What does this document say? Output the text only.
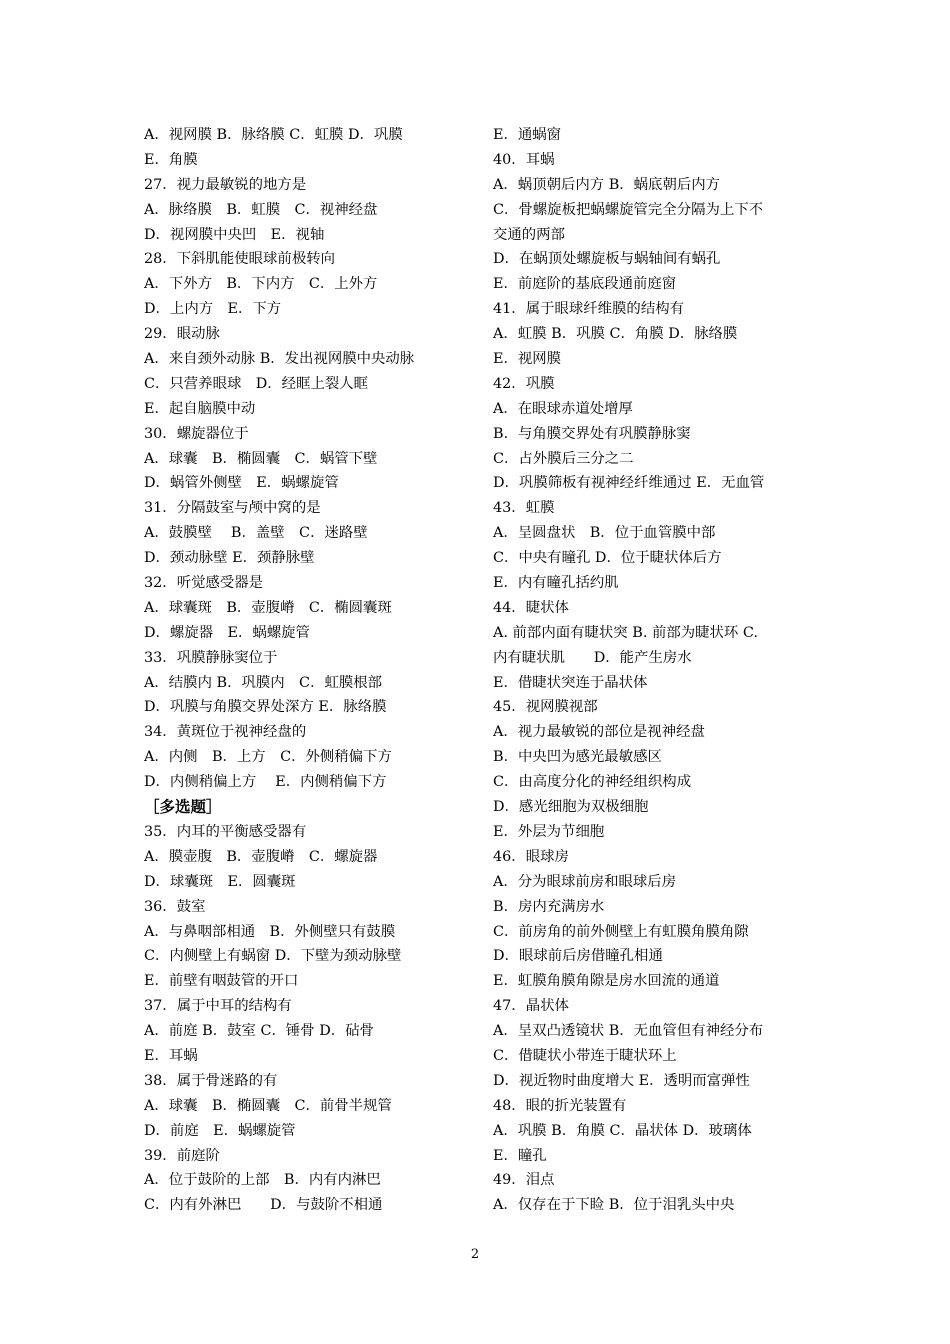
A．视网膜 B．脉络膜 C．虹膜 D．巩膜
E．角膜
27．视力最敏锐的地方是
A．脉络膜　B．虹膜　C．视神经盘
D．视网膜中央凹　E．视轴
28．下斜肌能使眼球前极转向
A．下外方　B．下内方　C．上外方
D．上内方　E．下方
29．眼动脉
A．来自颈外动脉 B．发出视网膜中央动脉
C．只营养眼球　D．经眶上裂人眶
E．起自脑膜中动
30．螺旋器位于
A．球囊　B．椭圆囊　C．蜗管下壁
D．蜗管外侧壁　E．蜗螺旋管
31．分隔鼓室与颅中窝的是
A．鼓膜壁　 B．盖壁　C．迷路壁
D．颈动脉壁 E．颈静脉壁
32．听觉感受器是
A．球囊斑　B．壶腹嵴　C．椭圆囊斑
D．螺旋器　E．蜗螺旋管
33．巩膜静脉窦位于
A．结膜内 B．巩膜内　C．虹膜根部
D．巩膜与角膜交界处深方 E．脉络膜
34．黄斑位于视神经盘的
A．内侧　B．上方　C．外侧稍偏下方
D．内侧稍偏上方　 E．内侧稍偏下方
［多选题］
35．内耳的平衡感受器有
A．膜壶腹　B．壶腹嵴　C．螺旋器
D．球囊斑　E．圆囊斑
36．鼓室
A．与鼻咽部相通　B．外侧壁只有鼓膜
C．内侧壁上有蜗窗 D．下壁为颈动脉壁
E．前壁有咽鼓管的开口
37．属于中耳的结构有
A．前庭 B．鼓室 C．锤骨 D．砧骨
E．耳蜗
38．属于骨迷路的有
A．球囊　B．椭圆囊　C．前骨半规管
D．前庭　E．蜗螺旋管
39．前庭阶
A．位于鼓阶的上部　B．内有内淋巴
C．内有外淋巴　　D．与鼓阶不相通
E．通蜗窗
40．耳蜗
A．蜗顶朝后内方 B．蜗底朝后内方
C．骨螺旋板把蜗螺旋管完全分隔为上下不
交通的两部
D．在蜗顶处螺旋板与蜗轴间有蜗孔
E．前庭阶的基底段通前庭窗
41．属于眼球纤维膜的结构有
A．虹膜 B．巩膜 C．角膜 D．脉络膜
E．视网膜
42．巩膜
A．在眼球赤道处增厚
B．与角膜交界处有巩膜静脉窦
C．占外膜后三分之二
D．巩膜筛板有视神经纤维通过 E．无血管
43．虹膜
A．呈圆盘状　B．位于血管膜中部
C．中央有瞳孔 D．位于睫状体后方
E．内有瞳孔括约肌
44．睫状体
A. 前部内面有睫状突 B. 前部为睫状环 C.
内有睫状肌　　D．能产生房水
E．借睫状突连于晶状体
45．视网膜视部
A．视力最敏锐的部位是视神经盘
B．中央凹为感光最敏感区
C．由高度分化的神经组织构成
D．感光细胞为双极细胞
E．外层为节细胞
46．眼球房
A．分为眼球前房和眼球后房
B．房内充满房水
C．前房角的前外侧壁上有虹膜角膜角隙
D．眼球前后房借瞳孔相通
E．虹膜角膜角隙是房水回流的通道
47．晶状体
A．呈双凸透镜状 B．无血管但有神经分布
C．借睫状小带连于睫状环上
D．视近物时曲度增大 E．透明而富弹性
48．眼的折光装置有
A．巩膜 B．角膜 C．晶状体 D．玻璃体
E．瞳孔
49．泪点
A．仅存在于下睑 B．位于泪乳头中央
2
